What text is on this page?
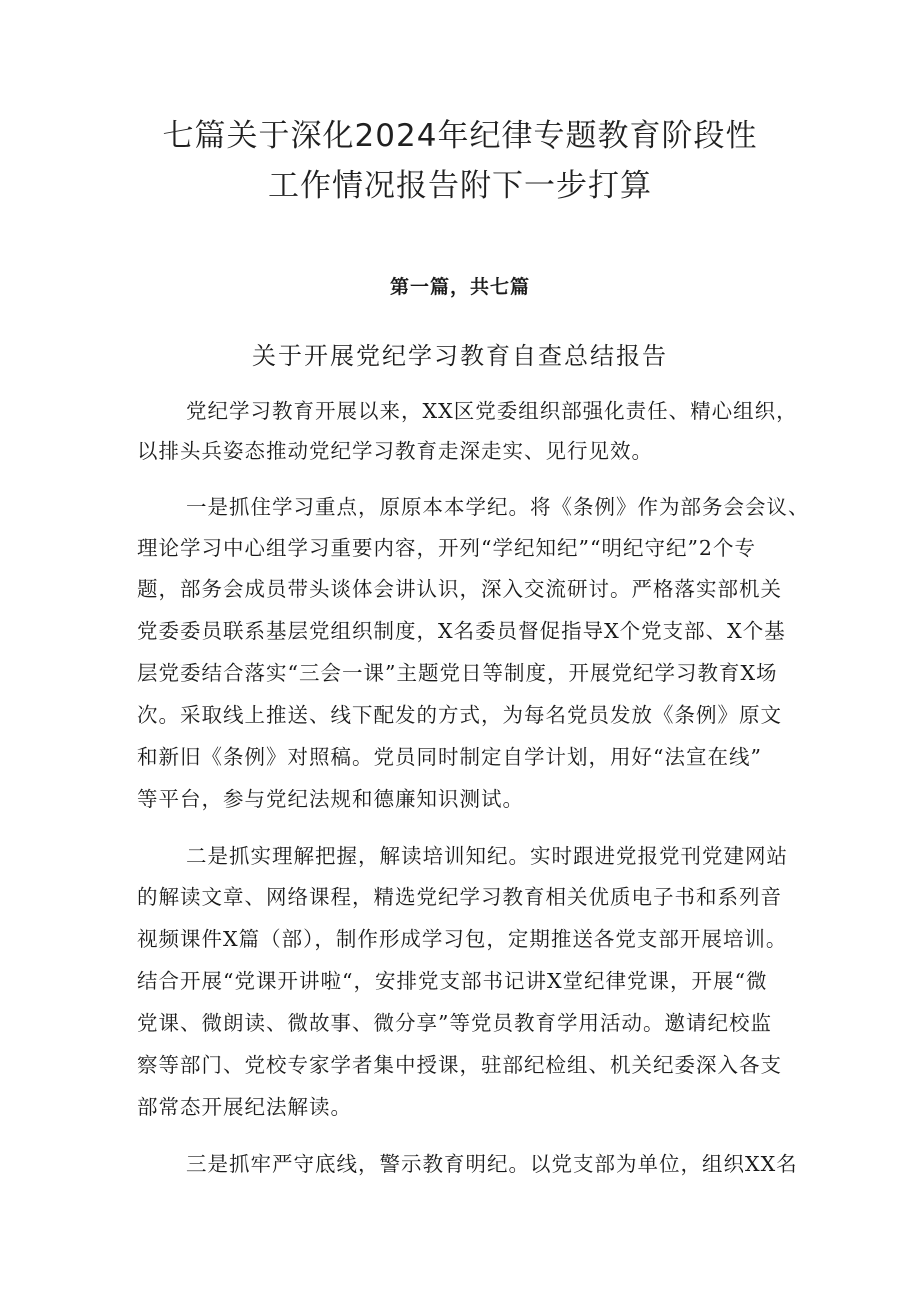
七篇关于深化2024年纪律专题教育阶段性
工作情况报告附下一步打算
第一篇，共七篇
关于开展党纪学习教育自查总结报告
党纪学习教育开展以来，XX区党委组织部强化责任、精心组织，
以排头兵姿态推动党纪学习教育走深走实、见行见效。
一是抓住学习重点，原原本本学纪。将《条例》作为部务会会议、
理论学习中心组学习重要内容，开列“学纪知纪”“明纪守纪”2个专
题，部务会成员带头谈体会讲认识，深入交流研讨。严格落实部机关
党委委员联系基层党组织制度，X名委员督促指导X个党支部、X个基
层党委结合落实“三会一课”主题党日等制度，开展党纪学习教育X场
次。采取线上推送、线下配发的方式，为每名党员发放《条例》原文
和新旧《条例》对照稿。党员同时制定自学计划，用好“法宣在线”
等平台，参与党纪法规和德廉知识测试。
二是抓实理解把握，解读培训知纪。实时跟进党报党刊党建网站
的解读文章、网络课程，精选党纪学习教育相关优质电子书和系列音
视频课件X篇（部），制作形成学习包，定期推送各党支部开展培训。
结合开展“党课开讲啦“，安排党支部书记讲X堂纪律党课，开展“微
党课、微朗读、微故事、微分享”等党员教育学用活动。邀请纪校监
察等部门、党校专家学者集中授课，驻部纪检组、机关纪委深入各支
部常态开展纪法解读。
三是抓牢严守底线，警示教育明纪。以党支部为单位，组织XX名
